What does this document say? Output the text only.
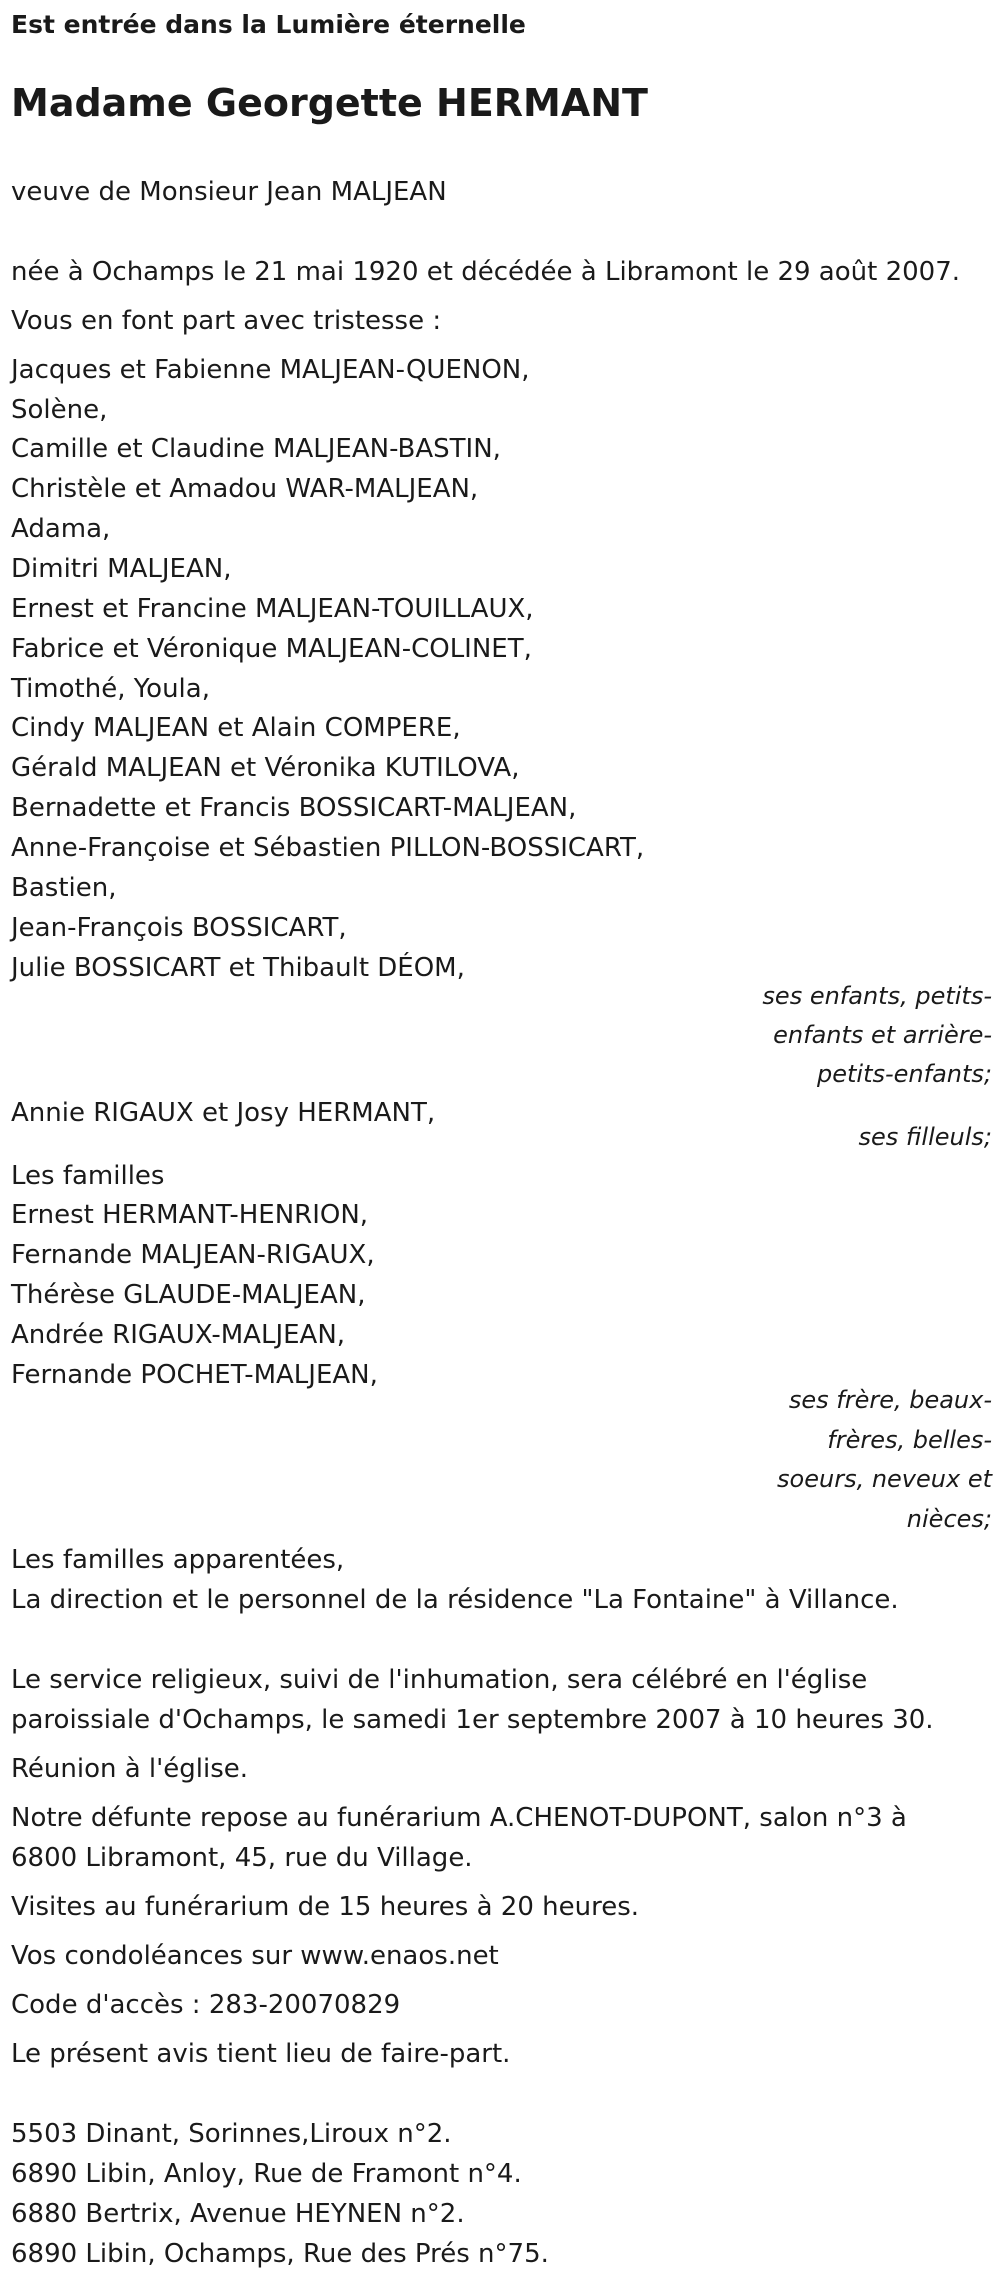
Est entrée dans la Lumière éternelle
Madame Georgette HERMANT
veuve de Monsieur Jean MALJEAN
née à Ochamps le 21 mai 1920 et décédée à Libramont le 29 août 2007.
Vous en font part avec tristesse :
Jacques et Fabienne MALJEAN-QUENON,
Solène,
Camille et Claudine MALJEAN-BASTIN,
Christèle et Amadou WAR-MALJEAN,
Adama,
Dimitri MALJEAN,
Ernest et Francine MALJEAN-TOUILLAUX,
Fabrice et Véronique MALJEAN-COLINET,
Timothé, Youla,
Cindy MALJEAN et Alain COMPERE,
Gérald MALJEAN et Véronika KUTILOVA,
Bernadette et Francis BOSSICART-MALJEAN,
Anne-Françoise et Sébastien PILLON-BOSSICART,
Bastien,
Jean-François BOSSICART,
Julie BOSSICART et Thibault DÉOM,
ses enfants, petits-
enfants et arrière-
petits-enfants;
Annie RIGAUX et Josy HERMANT,
ses filleuls;
Les familles
Ernest HERMANT-HENRION,
Fernande MALJEAN-RIGAUX,
Thérèse GLAUDE-MALJEAN,
Andrée RIGAUX-MALJEAN,
Fernande POCHET-MALJEAN,
ses frère, beaux-
frères, belles-
soeurs, neveux et
nièces;
Les familles apparentées,
La direction et le personnel de la résidence "La Fontaine" à Villance.
Le service religieux, suivi de l'inhumation, sera célébré en l'église
paroissiale d'Ochamps, le samedi 1er septembre 2007 à 10 heures 30.
Réunion à l'église.
Notre défunte repose au funérarium A.CHENOT-DUPONT, salon n°3 à
6800 Libramont, 45, rue du Village.
Visites au funérarium de 15 heures à 20 heures.
Vos condoléances sur www.enaos.net
Code d'accès : 283-20070829
Le présent avis tient lieu de faire-part.
5503 Dinant, Sorinnes,Liroux n°2.
6890 Libin, Anloy, Rue de Framont n°4.
6880 Bertrix, Avenue HEYNEN n°2.
6890 Libin, Ochamps, Rue des Prés n°75.
